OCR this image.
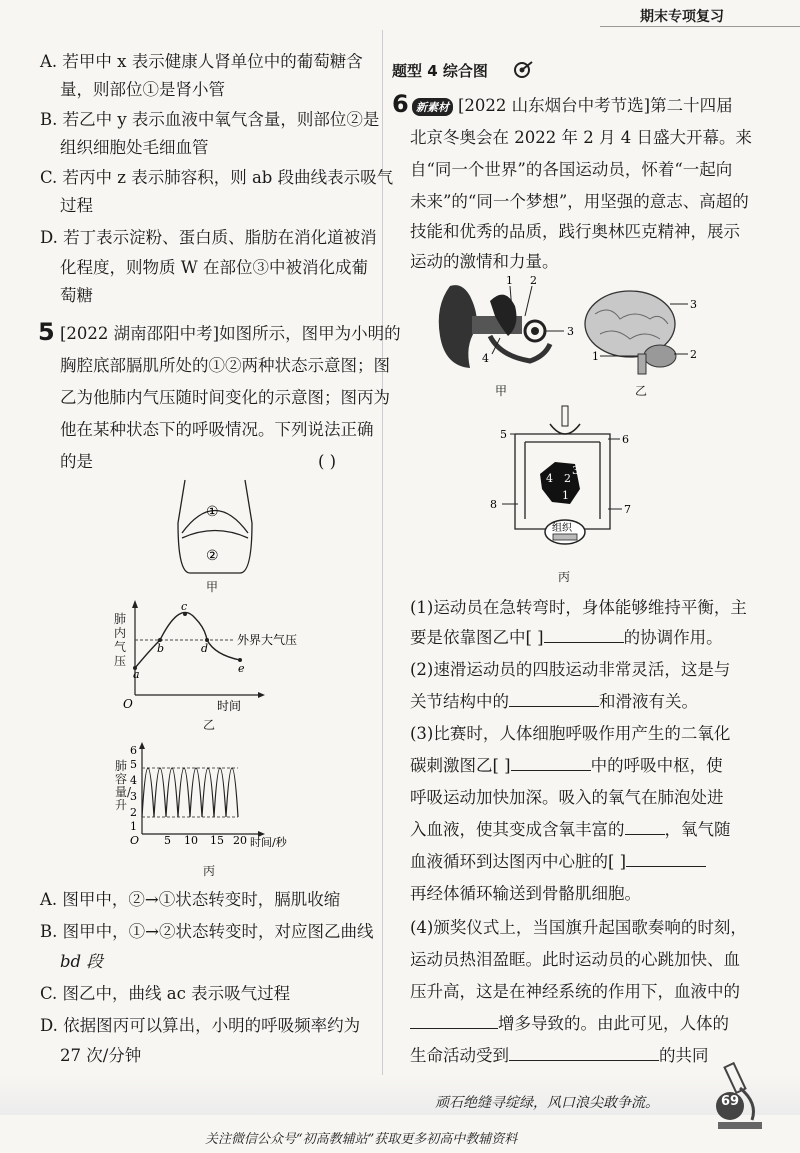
期末专项复习
A. 若甲中 x 表示健康人肾单位中的葡萄糖含
量，则部位①是肾小管
B. 若乙中 y 表示血液中氧气含量，则部位②是
组织细胞处毛细血管
C. 若丙中 z 表示肺容积，则 ab 段曲线表示吸气
过程
D. 若丁表示淀粉、蛋白质、脂肪在消化道被消
化程度，则物质 W 在部位③中被消化成葡
萄糖
5 [2022 湖南邵阳中考]如图所示，图甲为小明的
胸腔底部膈肌所处的①②两种状态示意图；图
乙为他肺内气压随时间变化的示意图；图丙为
他在某种状态下的呼吸情况。下列说法正确
的是	( )
①
②
甲
a
b
c
d
e
外界大气压
O	时间
肺内气压
乙
6
5
4
3
2
1
O 5 10 15 20 时间/秒
肺容量/升
丙
A. 图甲中，②→①状态转变时，膈肌收缩
B. 图甲中，①→②状态转变时，对应图乙曲线
bd 段
C. 图乙中，曲线 ac 表示吸气过程
D. 依据图丙可以算出，小明的呼吸频率约为
27 次/分钟
题型 4 综合图
6 新素材 [2022 山东烟台中考节选]第二十四届
北京冬奥会在 2022 年 2 月 4 日盛大开幕。来
自“同一个世界”的各国运动员，怀着“一起向
未来”的“同一个梦想”，用坚强的意志、高超的
技能和优秀的品质，践行奥林匹克精神，展示
运动的激情和力量。
1 2
3
4
甲
1	2
3
乙
组织
5	6
7
8
1
2
3
4
丙
(1)运动员在急转弯时，身体能够维持平衡，主
要是依靠图乙中[ ]	的协调作用。
(2)速滑运动员的四肢运动非常灵活，这是与
关节结构中的	和滑液有关。
(3)比赛时，人体细胞呼吸作用产生的二氧化
碳刺激图乙[ ]	中的呼吸中枢，使
呼吸运动加快加深。吸入的氧气在肺泡处进
入血液，使其变成含氧丰富的 ，氧气随
血液循环到达图丙中心脏的[ ]
再经体循环输送到骨骼肌细胞。
(4)颁奖仪式上，当国旗升起国歌奏响的时刻，
运动员热泪盈眶。此时运动员的心跳加快、血
压升高，这是在神经系统的作用下，血液中的
增多导致的。由此可见，人体的
生命活动受到	的共同
顽石绝缝寻绽绿，风口浪尖敢争流。	69
关注微信公众号“初高教辅站”获取更多初高中教辅资料
